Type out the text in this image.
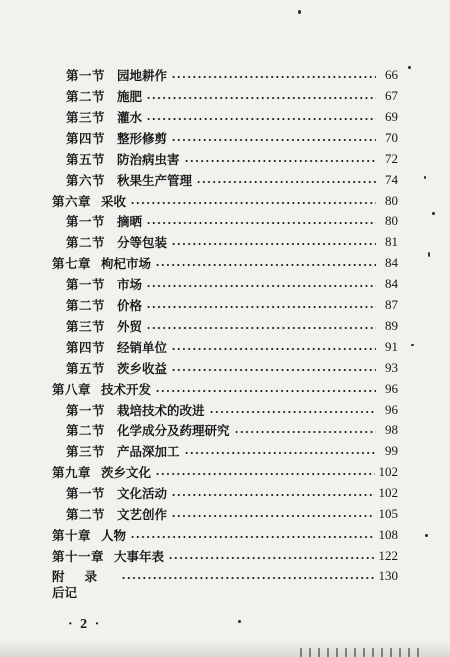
第一节 园地耕作	66
第二节 施肥	67
第三节 灌水	69
第四节 整形修剪	70
第五节 防治病虫害	72
第六节 秋果生产管理	74
第六章 采收	80
第一节 摘晒	80
第二节 分等包装	81
第七章 枸杞市场	84
第一节 市场	84
第二节 价格	87
第三节 外贸	89
第四节 经销单位	91
第五节 茨乡收益	93
第八章 技术开发	96
第一节 栽培技术的改进	96
第二节 化学成分及药理研究	98
第三节 产品深加工	99
第九章 茨乡文化	102
第一节 文化活动	102
第二节 文艺创作	105
第十章 人物	108
第十一章 大事年表	122
附录	130
后记
· 2 ·
